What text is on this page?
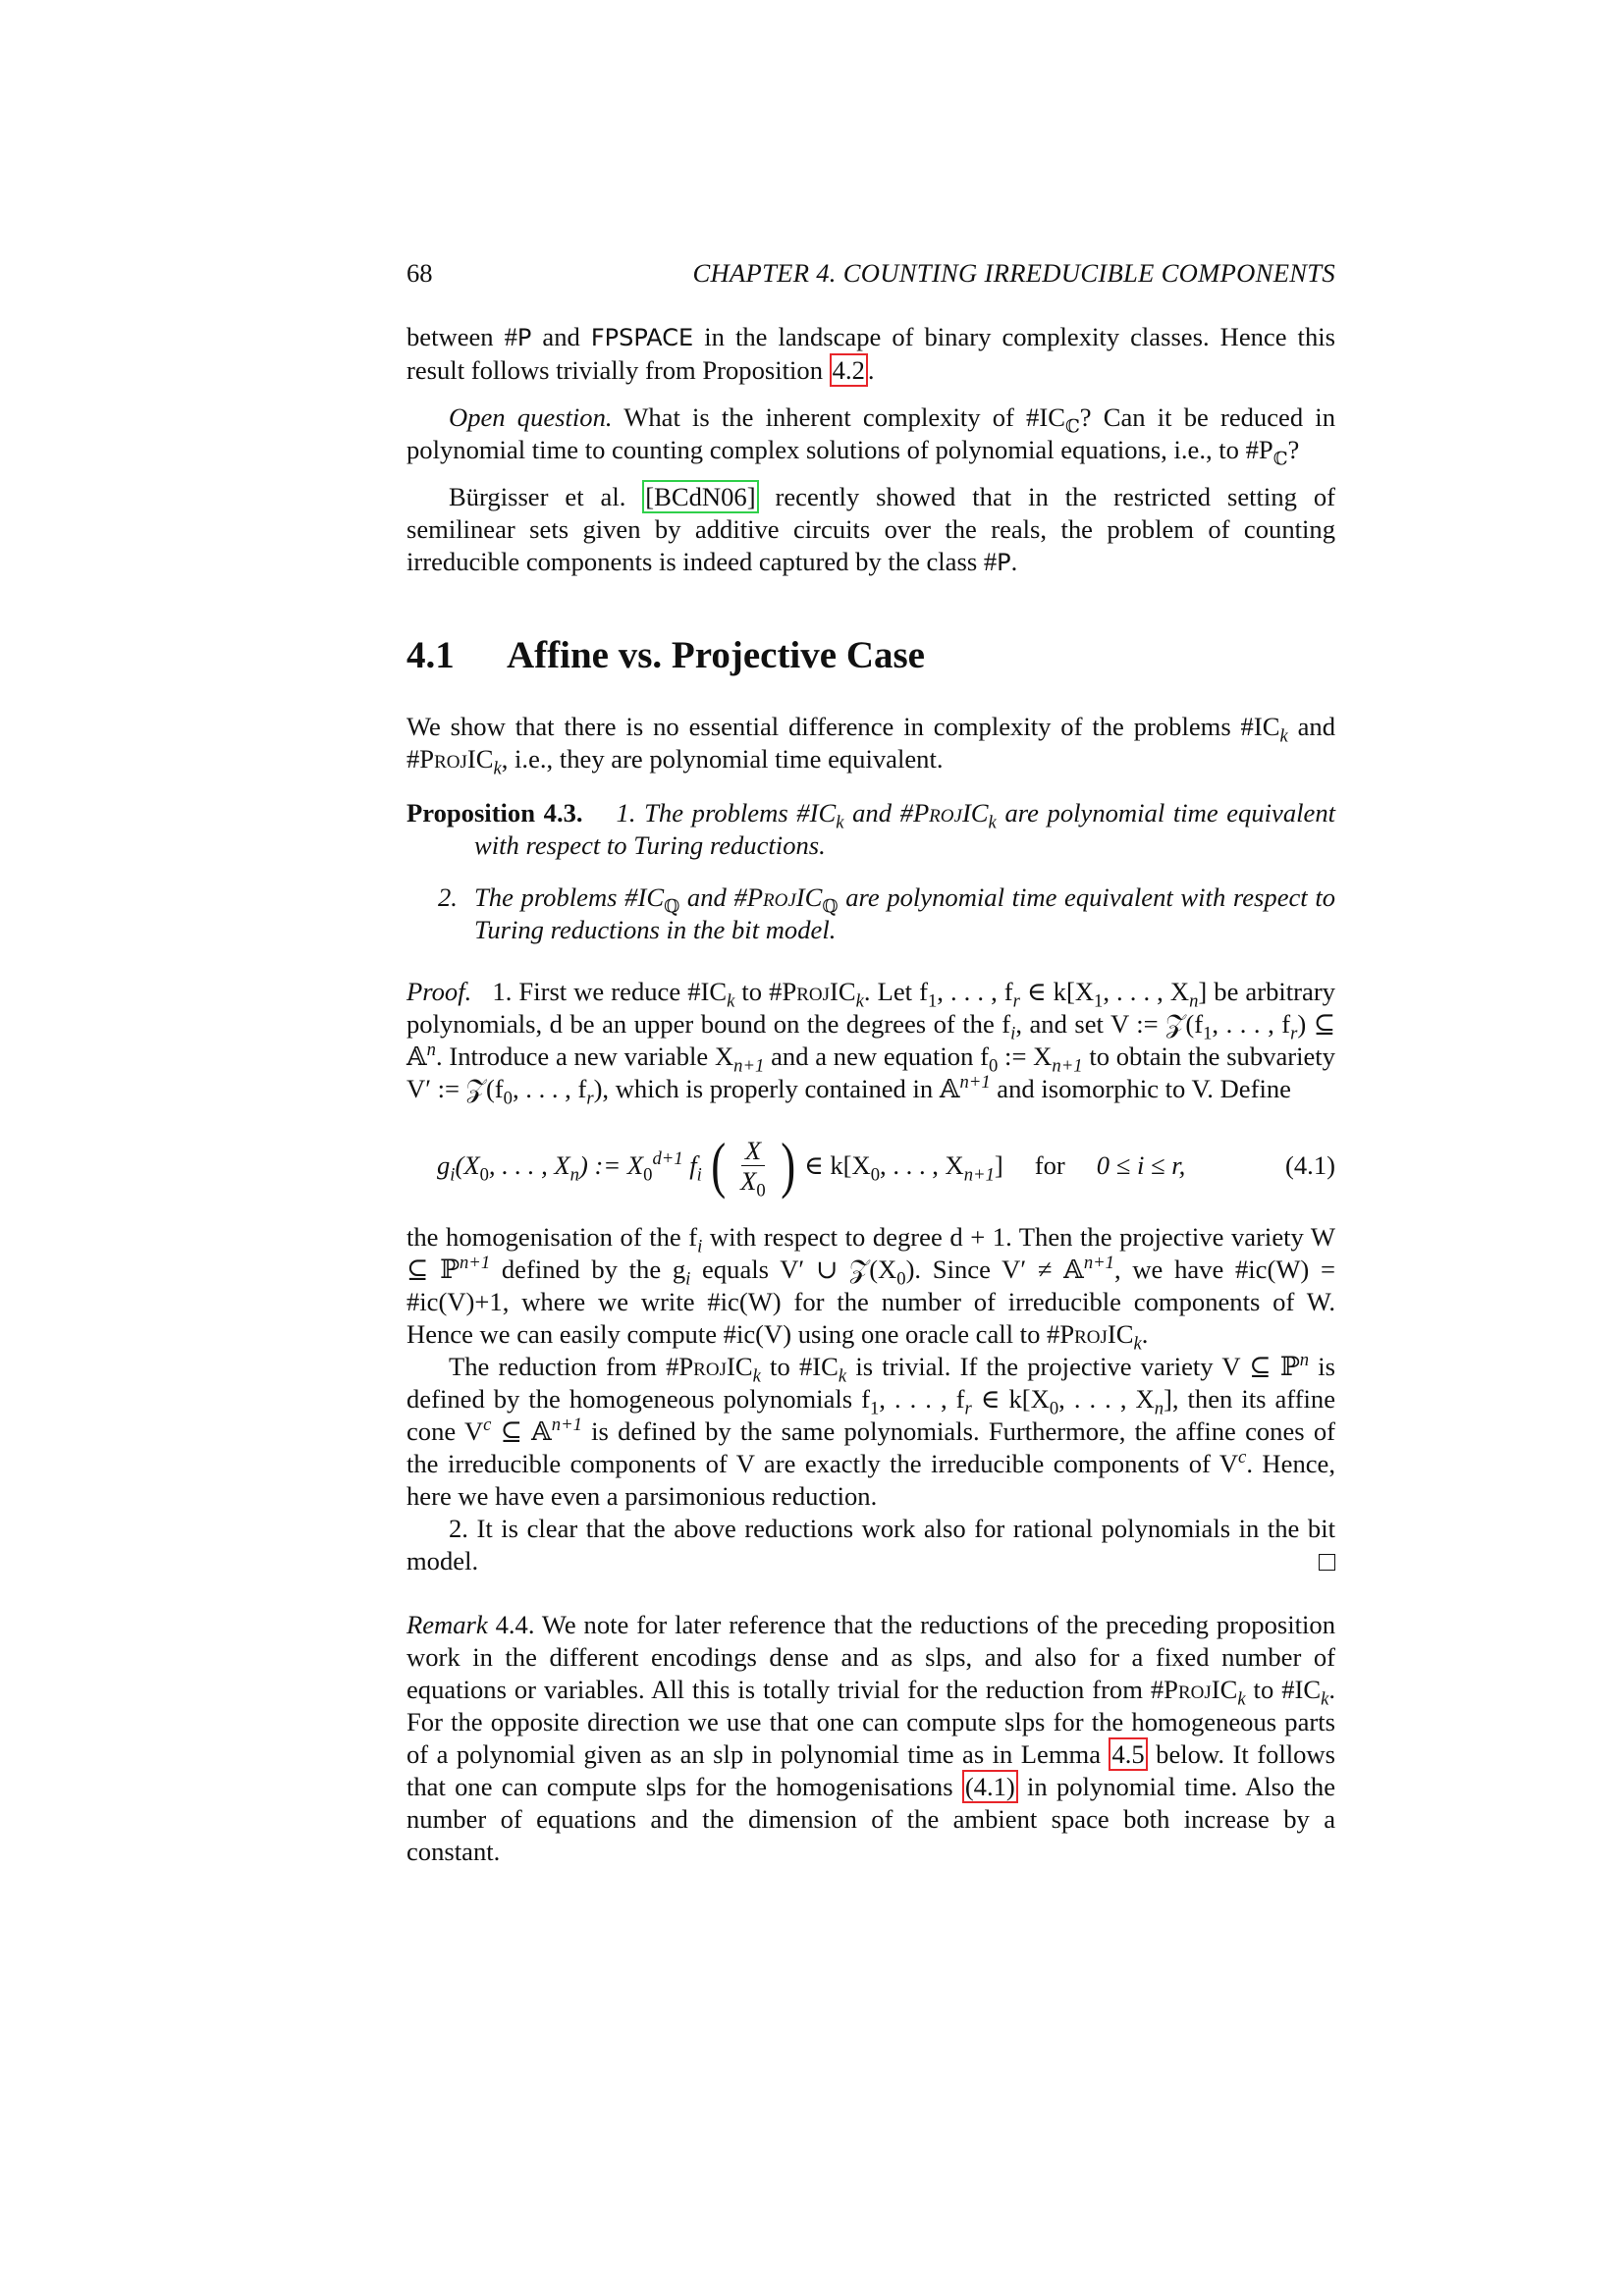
68	CHAPTER 4. COUNTING IRREDUCIBLE COMPONENTS

between #P and FPSPACE in the landscape of binary complexity classes. Hence this result follows trivially from Proposition 4.2 .

Open question. What is the inherent complexity of $\#IC_ℂ$? Can it be reduced in polynomial time to counting complex solutions of polynomial equations, i.e., to $\#P_ℂ$?

Bürgisser et al. [BCdN06] recently showed that in the restricted setting of semilinear sets given by additive circuits over the reals, the problem of counting irreducible components is indeed captured by the class #P.

4.1	Affine vs. Projective Case

We show that there is no essential difference in complexity of the problems $\#IC_k$ and #ProjIC$_k$, i.e., they are polynomial time equivalent.

Proposition 4.3. 1. The problems $\#IC_k$ and #ProjIC$_k$ are polynomial time equivalent with respect to Turing reductions.

2. The problems $\#IC_ℚ$ and #ProjIC$_ℚ$ are polynomial time equivalent with respect to Turing reductions in the bit model.

Proof. 1. First we reduce $\#IC_k$ to #ProjIC$_k$. Let $f_1$, . . . , $f_r$ ∈ $k[X_1$, . . . , $X_n$] be arbitrary polynomials, d be an upper bound on the degrees of the $f_i$, and set V := $𝒵(f_1$, . . . , $f_r$) ⊆ 𝔸$^n$. Introduce a new variable $X_{n+1}$ and a new equation $f_0$ := $X_{n+1}$ to obtain the subvariety V′ := $𝒵(f_0$, . . . , $f_r$), which is properly contained in 𝔸$^{n+1}$ and isomorphic to V. Define

$g_i(X_0$, . . . , $X_n$) := $X_0^{d+1}$ $f_i$ ( $\frac{X}{X_0}$ ) ∈ $k[X_0$, . . . , $X_{n+1}$] for 0 ≤ i ≤ r,	(4.1)

the homogenisation of the $f_i$ with respect to degree d + 1. Then the projective variety W ⊆ ℙ$^{n+1}$ defined by the $g_i$ equals V′ ∪ $𝒵(X_0)$. Since V′ ≠ 𝔸$^{n+1}$, we have #ic(W) = #ic(V)+1, where we write #ic(W) for the number of irreducible components of W. Hence we can easily compute #ic(V) using one oracle call to #ProjIC$_k$.

The reduction from #ProjIC$_k$ to $\#IC_k$ is trivial. If the projective variety V ⊆ ℙ$^n$ is defined by the homogeneous polynomials $f_1$, . . . , $f_r$ ∈ $k[X_0$, . . . , $X_n$], then its affine cone $V^c$ ⊆ 𝔸$^{n+1}$ is defined by the same polynomials. Furthermore, the affine cones of the irreducible components of V are exactly the irreducible components of $V^c$. Hence, here we have even a parsimonious reduction.

2. It is clear that the above reductions work also for rational polynomials in the bit model.

Remark 4.4. We note for later reference that the reductions of the preceding proposition work in the different encodings dense and as slps, and also for a fixed number of equations or variables. All this is totally trivial for the reduction from #ProjIC$_k$ to $\#IC_k$. For the opposite direction we use that one can compute slps for the homogeneous parts of a polynomial given as an slp in polynomial time as in Lemma 4.5 below. It follows that one can compute slps for the homogenisations (4.1) in polynomial time. Also the number of equations and the dimension of the ambient space both increase by a constant.
